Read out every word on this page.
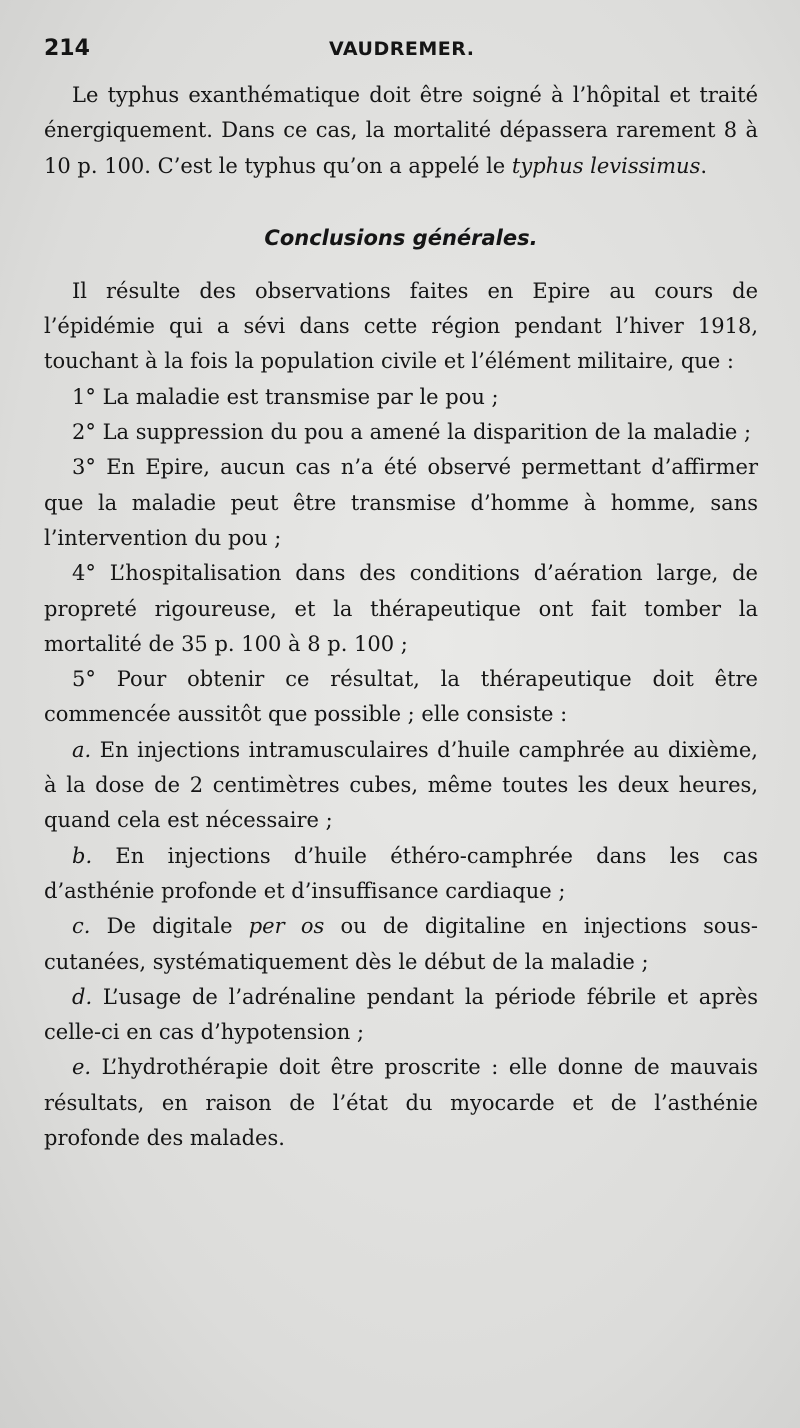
214	VAUDREMER.

Le typhus exanthématique doit être soigné à l’hôpital et traité énergiquement. Dans ce cas, la mortalité dépassera rarement 8 à 10 p. 100. C’est le typhus qu’on a appelé le typhus levissimus.

Conclusions générales.

Il résulte des observations faites en Epire au cours de l’épidémie qui a sévi dans cette région pendant l’hiver 1918, touchant à la fois la population civile et l’élément militaire, que :

1° La maladie est transmise par le pou ;

2° La suppression du pou a amené la disparition de la maladie ;

3° En Epire, aucun cas n’a été observé permettant d’affirmer que la maladie peut être transmise d’homme à homme, sans l’intervention du pou ;

4° L’hospitalisation dans des conditions d’aération large, de propreté rigoureuse, et la thérapeutique ont fait tomber la mortalité de 35 p. 100 à 8 p. 100 ;

5° Pour obtenir ce résultat, la thérapeutique doit être commencée aussitôt que possible ; elle consiste :

a. En injections intramusculaires d’huile camphrée au dixième, à la dose de 2 centimètres cubes, même toutes les deux heures, quand cela est nécessaire ;

b. En injections d’huile éthéro-camphrée dans les cas d’asthénie profonde et d’insuffisance cardiaque ;

c. De digitale per os ou de digitaline en injections sous-cutanées, systématiquement dès le début de la maladie ;

d. L’usage de l’adrénaline pendant la période fébrile et après celle-ci en cas d’hypotension ;

e. L’hydrothérapie doit être proscrite : elle donne de mauvais résultats, en raison de l’état du myocarde et de l’asthénie profonde des malades.
